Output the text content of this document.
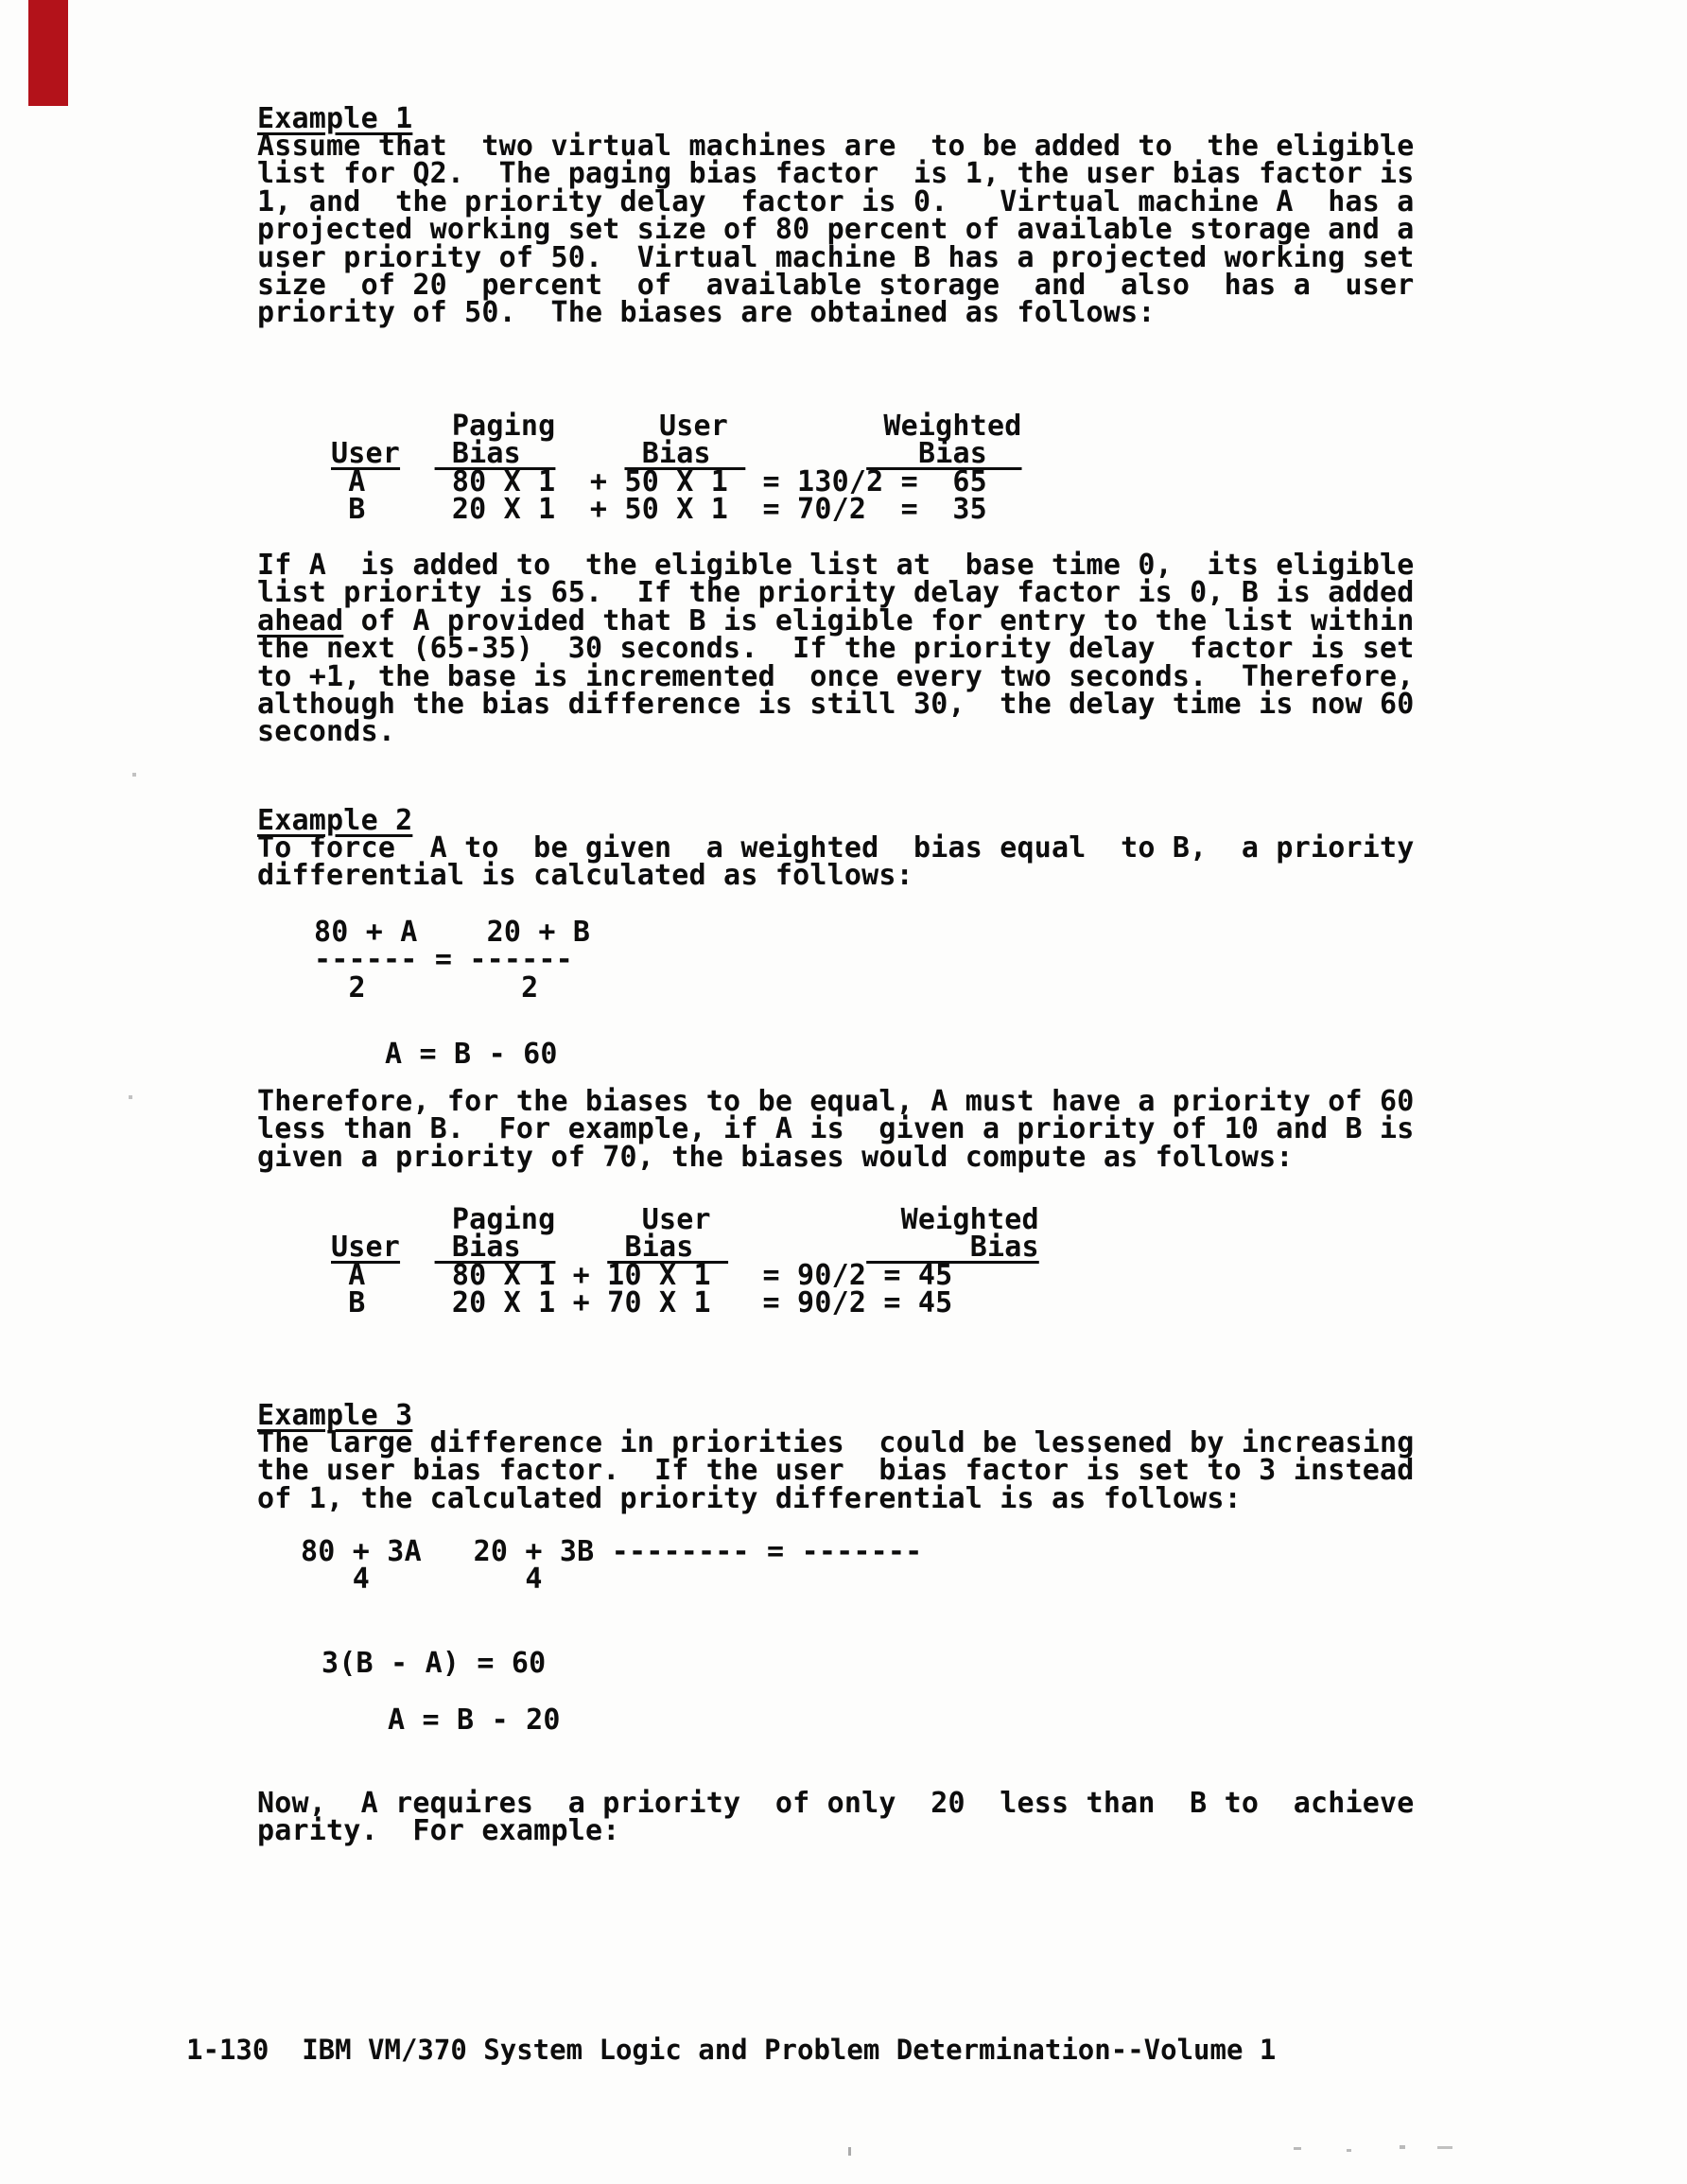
Example 1
Assume that  two virtual machines are  to be added to  the eligible
list for Q2.  The paging bias factor  is 1, the user bias factor is
1, and  the priority delay  factor is 0.   Virtual machine A  has a
projected working set size of 80 percent of available storage and a
user priority of 50.  Virtual machine B has a projected working set
size  of 20  percent  of  available storage  and  also  has a  user
priority of 50.  The biases are obtained as follows:
Paging      User         Weighted
User   Bias       Bias	Bias
A     80 X 1  + 50 X 1  = 130/2 =  65
B     20 X 1  + 50 X 1  = 70/2  =  35
If A  is added to  the eligible list at  base time 0,  its eligible
list priority is 65.  If the priority delay factor is 0, B is added
ahead of A provided that B is eligible for entry to the list within
the next (65-35)  30 seconds.  If the priority delay  factor is set
to +1, the base is incremented  once every two seconds.  Therefore,
although the bias difference is still 30,  the delay time is now 60
seconds.
Example 2
To force  A to  be given  a weighted  bias equal  to B,  a priority
differential is calculated as follows:
80 + A    20 + B
------ = ------
2         2
A = B - 60
Therefore, for the biases to be equal, A must have a priority of 60
less than B.  For example, if A is  given a priority of 10 and B is
given a priority of 70, the biases would compute as follows:
Paging     User           Weighted
User   Bias      Bias	Bias
A     80 X 1 + 10 X 1   = 90/2 = 45
B     20 X 1 + 70 X 1   = 90/2 = 45
Example 3
The large difference in priorities  could be lessened by increasing
the user bias factor.  If the user  bias factor is set to 3 instead
of 1, the calculated priority differential is as follows:
80 + 3A   20 + 3B -------- = -------
4         4
3(B - A) = 60
A = B - 20
Now,  A requires  a priority  of only  20  less than  B to  achieve
parity.  For example:
1-130  IBM VM/370 System Logic and Problem Determination--Volume 1
